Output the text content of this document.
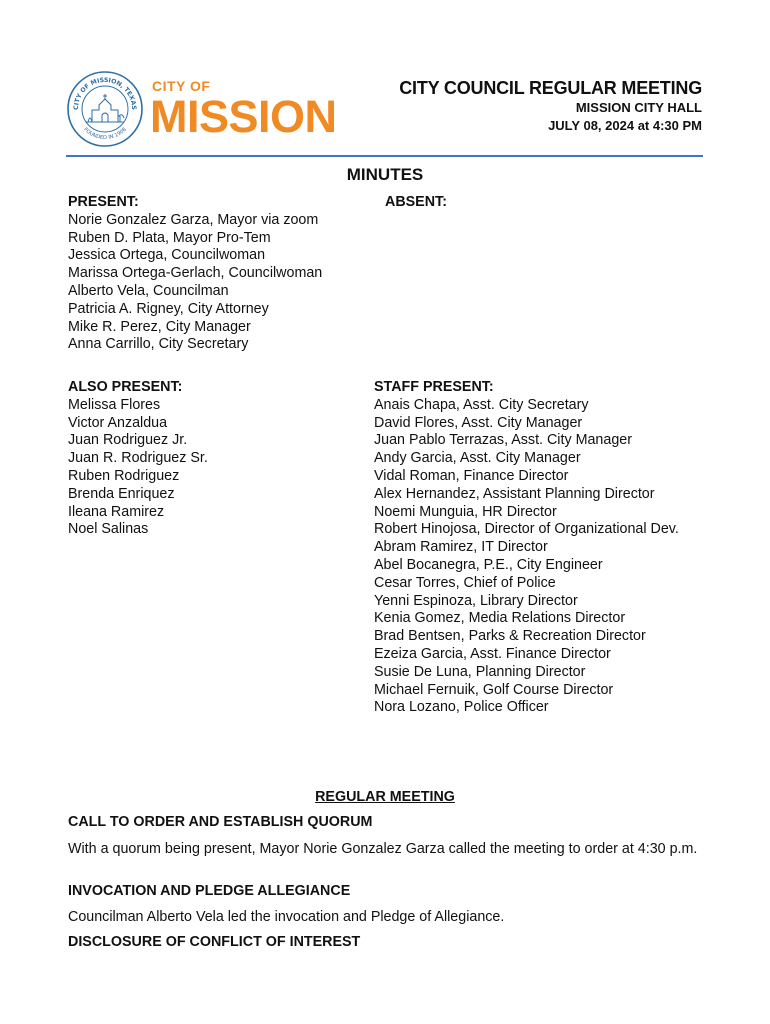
CITY OF MISSION, TEXAS
FOUNDED IN 1908
CITY OF
MISSION
CITY COUNCIL REGULAR MEETING
MISSION CITY HALL
JULY 08, 2024 at 4:30 PM
MINUTES
PRESENT:
Norie Gonzalez Garza, Mayor via zoom
Ruben D. Plata, Mayor Pro-Tem
Jessica Ortega, Councilwoman
Marissa Ortega-Gerlach, Councilwoman
Alberto Vela, Councilman
Patricia A. Rigney, City Attorney
Mike R. Perez, City Manager
Anna Carrillo, City Secretary
ABSENT:
ALSO PRESENT:
Melissa Flores
Victor Anzaldua
Juan Rodriguez Jr.
Juan R. Rodriguez Sr.
Ruben Rodriguez
Brenda Enriquez
Ileana Ramirez
Noel Salinas
STAFF PRESENT:
Anais Chapa, Asst. City Secretary
David Flores, Asst. City Manager
Juan Pablo Terrazas, Asst. City Manager
Andy Garcia, Asst. City Manager
Vidal Roman, Finance Director
Alex Hernandez, Assistant Planning Director
Noemi Munguia, HR Director
Robert Hinojosa, Director of Organizational Dev.
Abram Ramirez, IT Director
Abel Bocanegra, P.E., City Engineer
Cesar Torres, Chief of Police
Yenni Espinoza, Library Director
Kenia Gomez, Media Relations Director
Brad Bentsen, Parks & Recreation Director
Ezeiza Garcia, Asst. Finance Director
Susie De Luna, Planning Director
Michael Fernuik, Golf Course Director
Nora Lozano, Police Officer
REGULAR MEETING
CALL TO ORDER AND ESTABLISH QUORUM
With a quorum being present, Mayor Norie Gonzalez Garza called the meeting to order at 4:30 p.m.
INVOCATION AND PLEDGE ALLEGIANCE
Councilman Alberto Vela led the invocation and Pledge of Allegiance.
DISCLOSURE OF CONFLICT OF INTEREST
